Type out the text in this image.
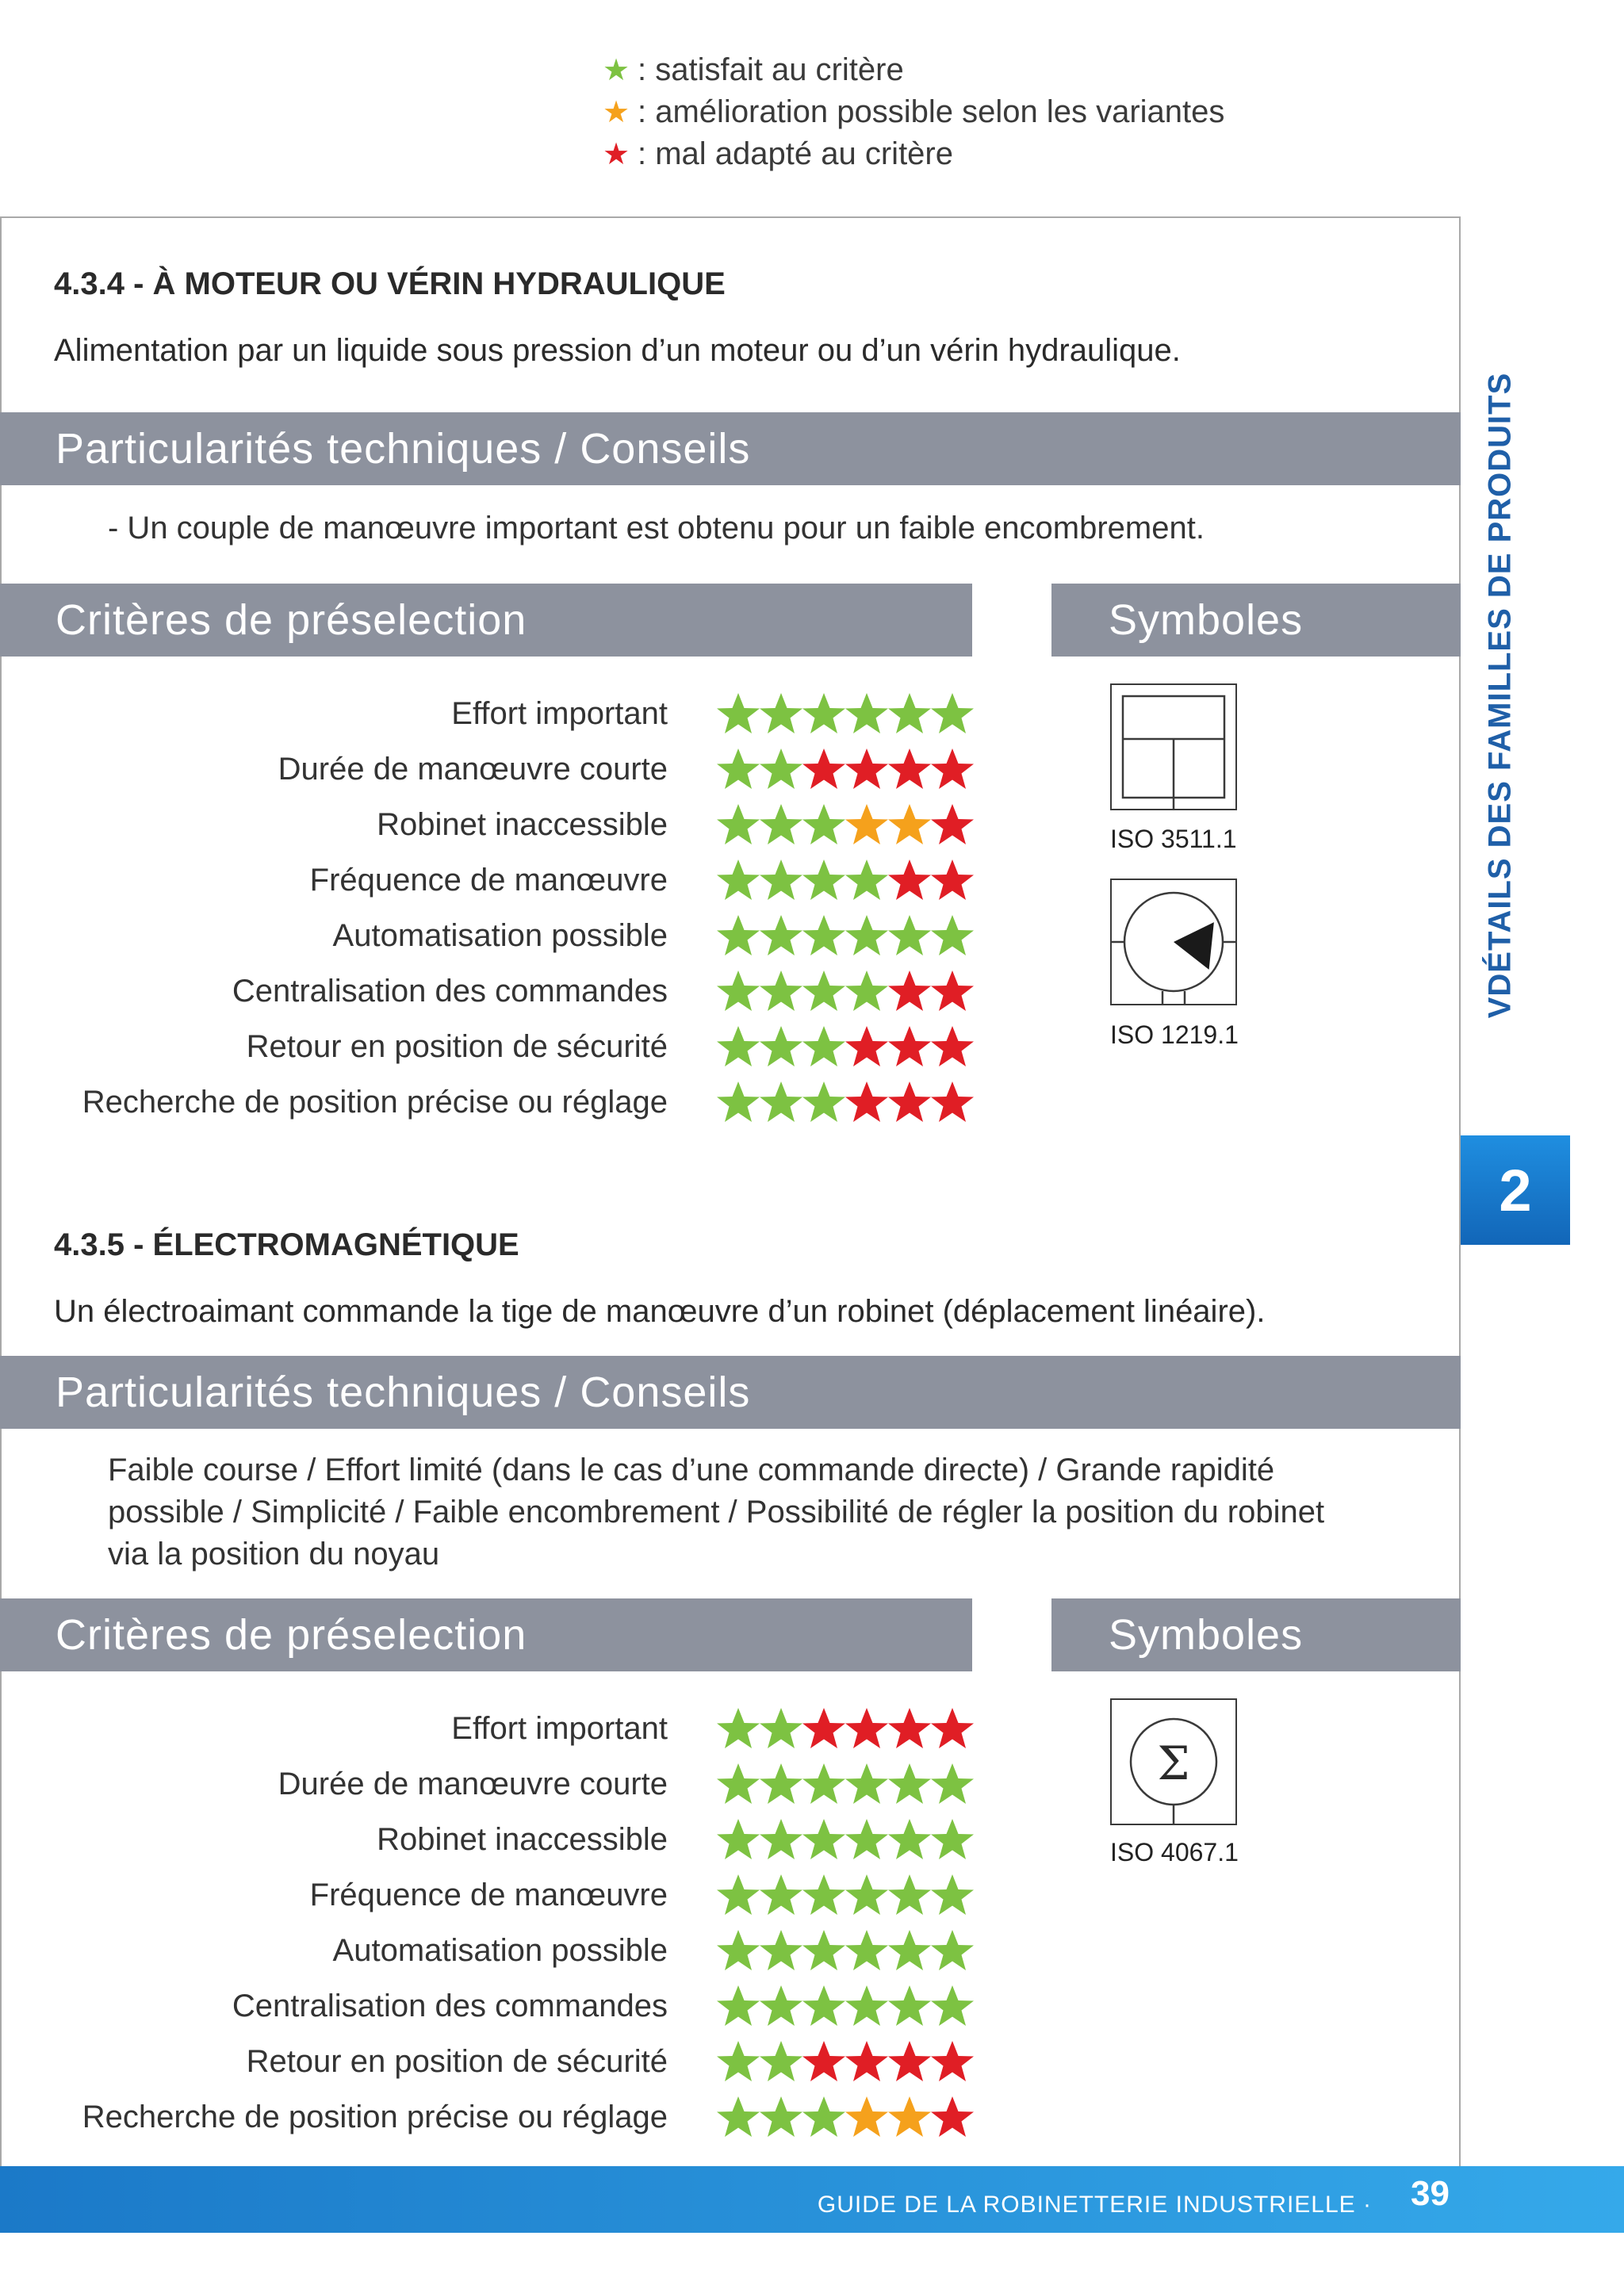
★ : satisfait au critère
★ : amélioration possible selon les variantes
★ : mal adapté au critère
4.3.4 - À MOTEUR OU VÉRIN HYDRAULIQUE
Alimentation par un liquide sous pression d’un moteur ou d’un vérin hydraulique.
Particularités techniques / Conseils
- Un couple de manœuvre important est obtenu pour un faible encombrement.
Critères de préselection	Symboles
Effort important
Durée de manœuvre courte
Robinet inaccessible
Fréquence de manœuvre
Automatisation possible
Centralisation des commandes
Retour en position de sécurité
Recherche de position précise ou réglage
ISO 3511.1
ISO 1219.1
4.3.5 - ÉLECTROMAGNÉTIQUE
Un électroaimant commande la tige de manœuvre d’un robinet (déplacement linéaire).
Particularités techniques / Conseils
Faible course / Effort limité (dans le cas d’une commande directe) / Grande rapidité
possible / Simplicité / Faible encombrement / Possibilité de régler la position du robinet
via la position du noyau
Critères de préselection	Symboles
Effort important
Durée de manœuvre courte
Robinet inaccessible
Fréquence de manœuvre
Automatisation possible
Centralisation des commandes
Retour en position de sécurité
Recherche de position précise ou réglage
Σ
ISO 4067.1
VDÉTAILS DES FAMILLES DE PRODUITS
2
GUIDE DE LA ROBINETTERIE INDUSTRIELLE · 39
